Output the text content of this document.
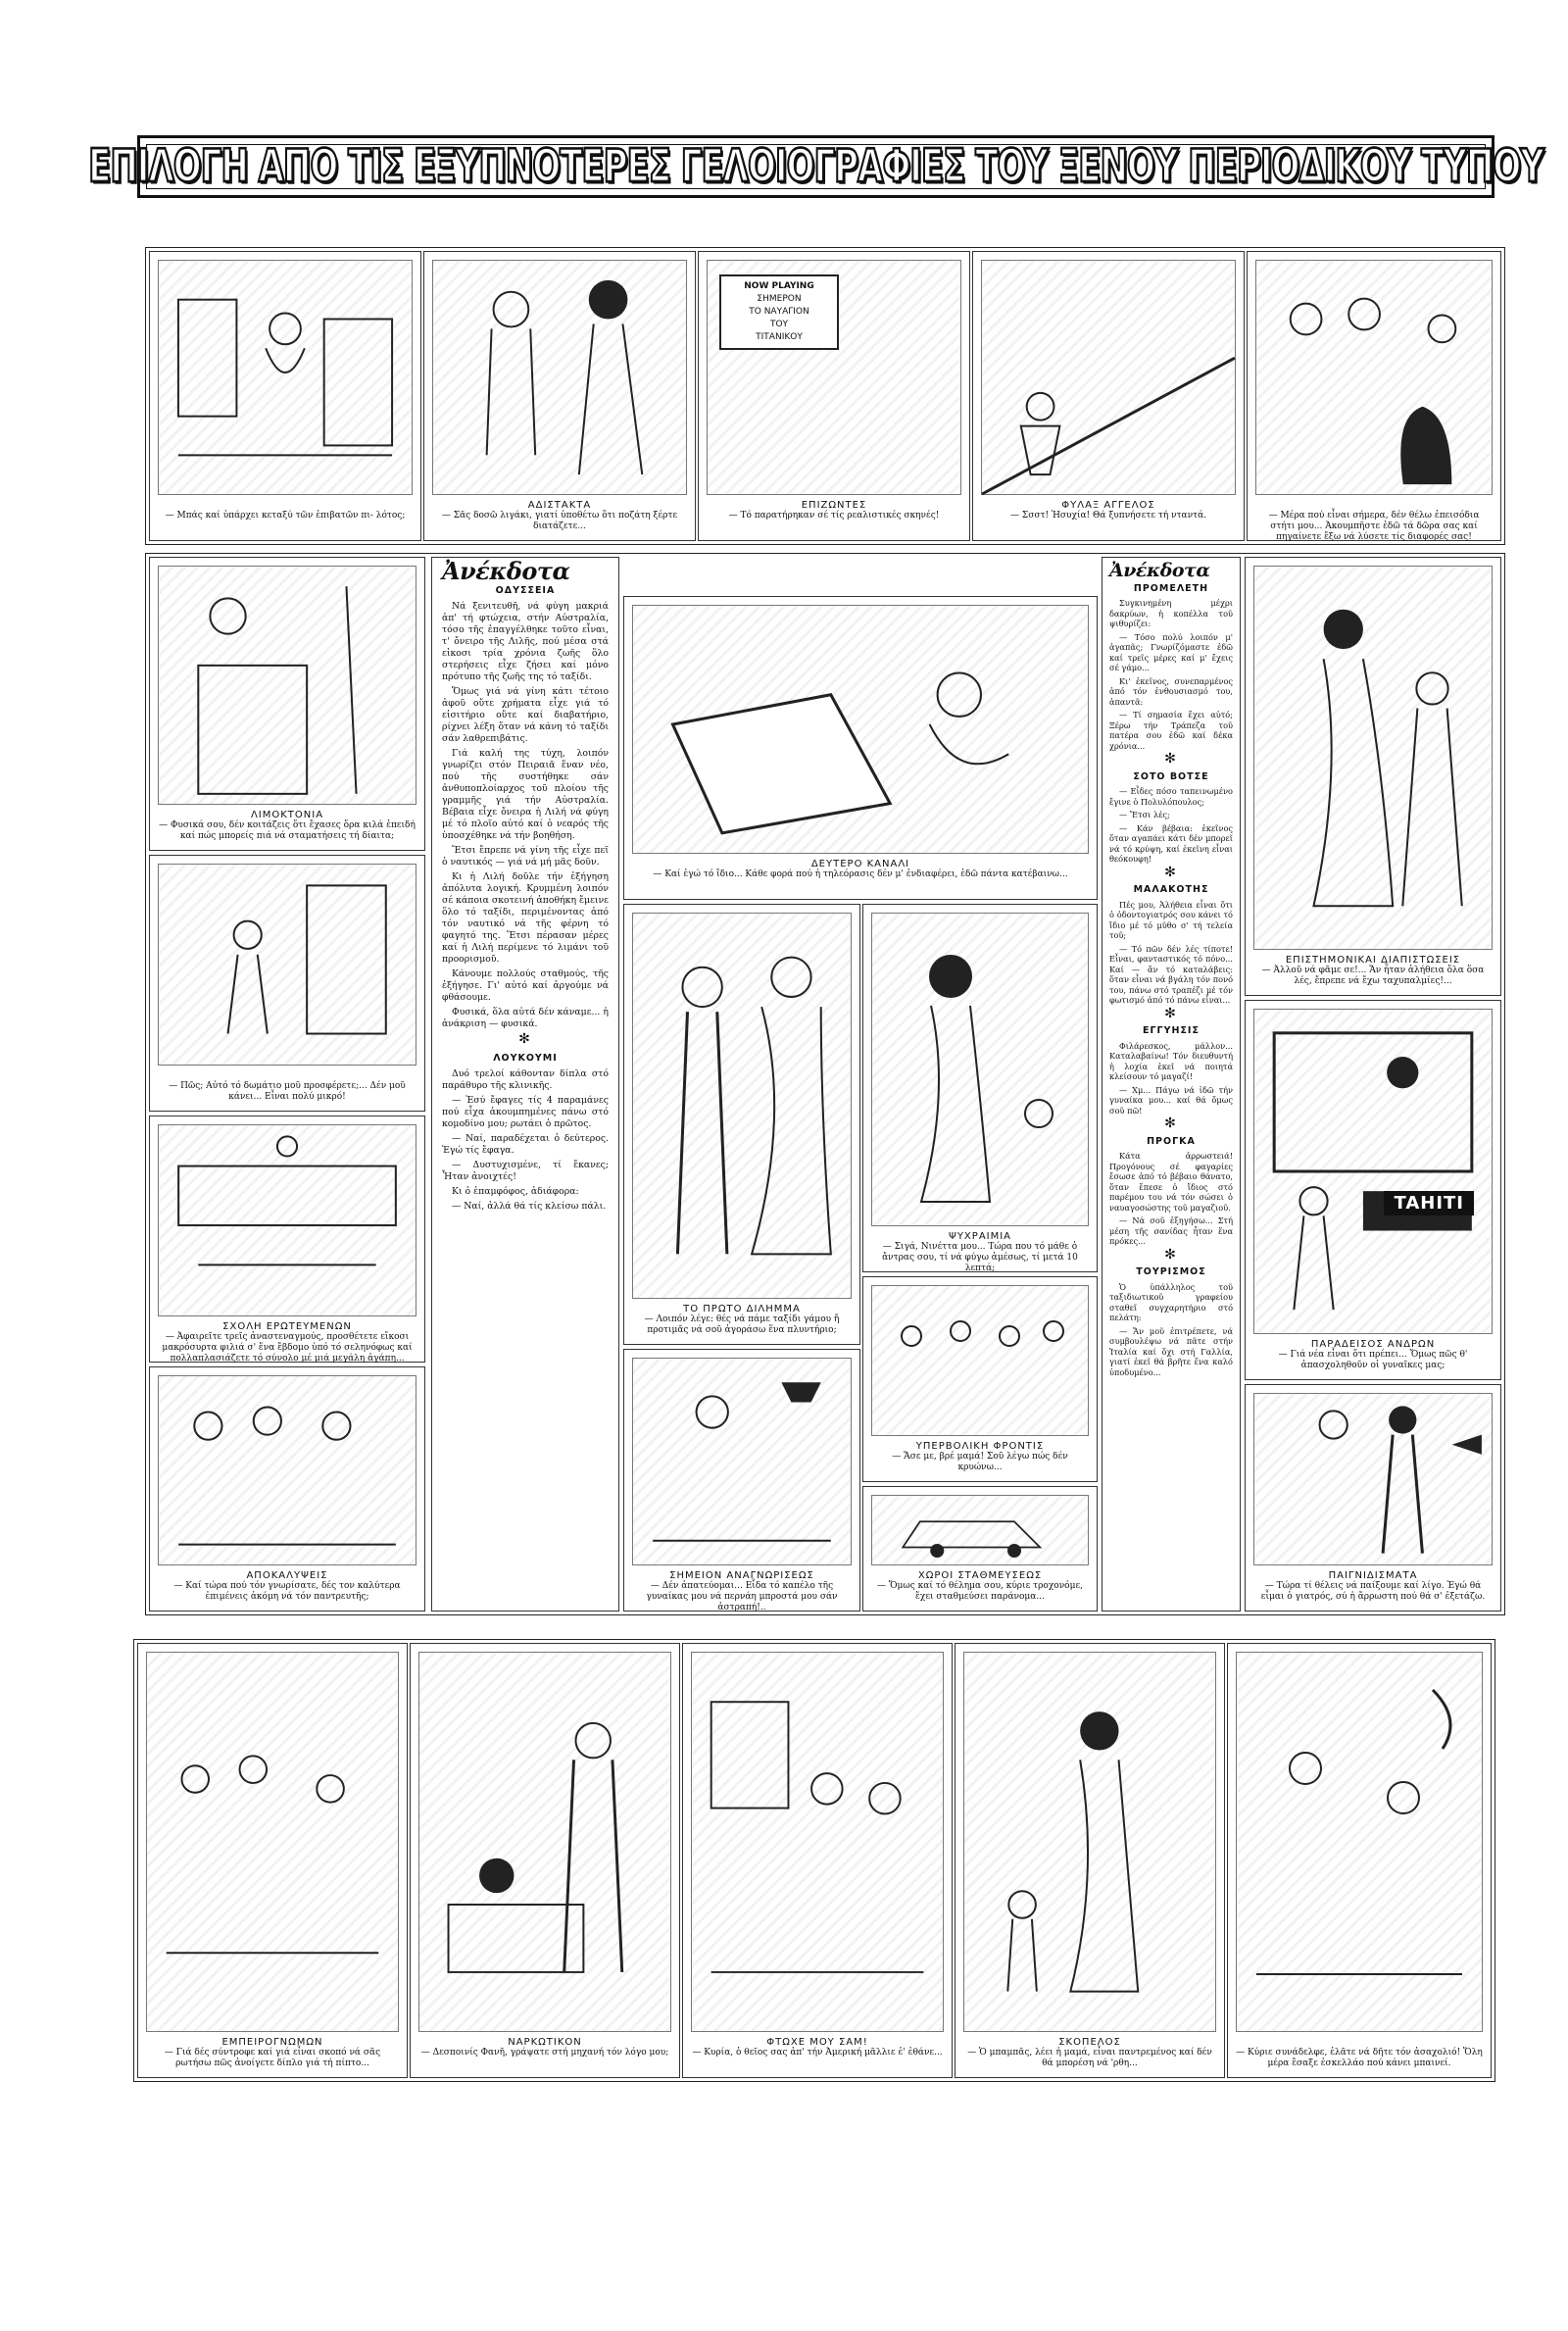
ΕΠΙΛΟΓΗ ΑΠΟ ΤΙΣ ΕΞΥΠΝΟΤΕΡΕΣ ΓΕΛΟΙΟΓΡΑΦΙΕΣ ΤΟΥ ΞΕΝΟΥ ΠΕΡΙΟΔΙΚΟΥ ΤΥΠΟΥ
— Μπάς καί ὑπάρχει κεταξύ τῶν ἐπιβατῶν πι- λότος;
ΑΔΙΣΤΑΚΤΑ
— Σᾶς δοσῶ λιγάκι, γιατί ὑποθέτω ὅτι ποζάτη ξέρτε διατάζετε...
NOW PLAYING
ΣΗΜΕΡΟΝ
ΤΟ ΝΑΥΑΓΙΟΝ
ΤΟΥ
ΤΙΤΑΝΙΚΟΥ
ΕΠΙΖΩΝΤΕΣ
— Τό παρατήρηκαν σέ τίς ρεαλιστικές σκηνές!
ΦΥΛΑΞ ΑΓΓΕΛΟΣ
— Σσστ! Ἡσυχία! Θά ξυπνήσετε τή νταντά.	— Μέρα πού εἶναι σήμερα, δέν θέλω ἐπεισόδια στήτι μου... Ἀκουμπῆστε ἐδῶ τά δῶρα σας καί πηγαίνετε ἔξω νά λύσετε τίς διαφορές σας!
ΛΙΜΟΚΤΟΝΙΑ
— Φυσικά σου, δέν κοιτάζεις ὅτι ἔχασες ὅρα κιλά ἐπειδή καί πώς μπορείς πιά νά σταματήσεις τή δίαιτα;
— Πῶς; Αὐτό τό δωμάτιο μοῦ προσφέρετε;... Δέν μοῦ κάνει... Εἶναι πολύ μικρό!
ΣΧΟΛΗ ΕΡΩΤΕΥΜΕΝΩΝ
— Ἀφαιρεῖτε τρεῖς ἀναστεναγμούς, προσθέτετε εἴκοσι μακρόσυρτα φιλιά σ' ἕνα ἔβδομο ὑπό τό σεληνόφως καί πολλαπλασιάζετε τό σύνολο μέ μιά μεγάλη ἀγάπη...
ΑΠΟΚΑΛΥΨΕΙΣ
— Καί τώρα πού τόν γνωρίσατε, δές τον καλύτερα ἐπιμένεις ἀκόμη νά τόν παντρευτῆς;
Ἀνέκδοτα
ΟΔΥΣΣΕΙΑ

Νά ξενιτευθῆ, νά φύγη μακριά ἀπ' τή φτώχεια, στήν Αὐστραλία, τόσο τῆς ἐπαγγέλθηκε τοῦτο εἶναι, τ' ὄνειρο τῆς Λιλῆς, πού μέσα στά εἰκοσι τρία χρόνια ζωῆς ὅλο στερήσεις εἶχε ζήσει καί μόνο πρότυπο τῆς ζωῆς της τό ταξίδι.

Ὅμως γιά νά γίνη κάτι τέτοιο ἀφοῦ οὔτε χρήματα εἶχε γιά τό εἰσιτήριο οὔτε καί διαβατήριο, ρίχνει λέξη ὅταν νά κάνη τό ταξίδι σάν λαθρεπιβάτις.

Γιά καλή της τύχη, λοιπόν γνωρίζει στόν Πειραιᾶ ἕναν νέο, πού τῆς συστήθηκε σάν ἀνθυποπλοίαρχος τοῦ πλοίου τῆς γραμμῆς γιά τήν Αὐστραλία. Βέβαια εἶχε ὄνειρα ἡ Λιλή νά φύγη μέ τό πλοῖο αὐτό καί ὁ νεαρός τῆς ὑποσχέθηκε νά τήν βοηθήση.

Ἔτσι ἔπρεπε νά γίνη τῆς εἶχε πεῖ ὁ ναυτικός — γιά νά μή μᾶς δοῦν.

Κι ἡ Λιλή δοῦλε τήν ἐξήγηση ἀπόλυτα λογική. Κρυμμένη λοιπόν σέ κάποια σκοτεινή ἀποθήκη ἔμεινε ὅλο τό ταξίδι, περιμένοντας ἀπό τόν ναυτικό νά τῆς φέρνη τό φαγητό της. Ἔτσι πέρασαν μέρες καί ἡ Λιλή περίμενε τό λιμάνι τοῦ προορισμοῦ.

Κάνουμε πολλούς σταθμούς, τῆς ἐξήγησε. Γι' αὐτό καί ἀργούμε νά φθάσουμε.

Φυσικά, ὅλα αὐτά δέν κάναμε... ἡ ἀνάκριση — φυσικά.

✻
ΛΟΥΚΟΥΜΙ

Δυό τρελοί κάθονταν δίπλα στό παράθυρο τῆς κλινικῆς.

— Ἐσύ ἔφαγες τίς 4 παραμάνες πού εἶχα ἀκουμπημένες πάνω στό κομοδίνο μου; ρωτάει ὁ πρῶτος.

— Ναί, παραδέχεται ὁ δεύτερος. Ἐγώ τίς ἔφαγα.

— Δυστυχισμένε, τί ἔκανες; Ἦταν ἀνοιχτές!

Κι ὁ ἐπαμφόφος, ἀδιάφορα:

— Ναί, ἀλλά θά τίς κλείσω πάλι.

ΔΕΥΤΕΡΟ ΚΑΝΑΛΙ
— Καί ἐγώ τό ἴδιο... Κάθε φορά πού ἡ τηλεόρασις δέν μ' ἐνδιαφέρει, ἐδῶ πάντα κατέβαινω...
ΤΟ ΠΡΩΤΟ ΔΙΛΗΜΜΑ
— Λοιπόν λέγε: θές νά πάμε ταξίδι γάμου ἤ προτιμᾶς νά σοῦ ἀγοράσω ἕνα πλυντήριο;
ΨΥΧΡΑΙΜΙΑ
— Σιγά, Νινέττα μου... Τώρα που τό μάθε ὁ ἄντρας σου, τί νά φύγω ἀμέσως, τί μετά 10 λεπτά;
ΥΠΕΡΒΟΛΙΚΗ ΦΡΟΝΤΙΣ
— Ἄσε με, βρέ μαμά! Σοῦ λέγω πώς δέν κρυώνω...
ΣΗΜΕΙΟΝ ΑΝΑΓΝΩΡΙΣΕΩΣ
— Δέν ἀπατεύομαι... Εἶδα τό καπέλο τῆς γυναίκας μου νά περνάη μπροστά μου σάν ἀστραπή!..
ΧΩΡΟΙ ΣΤΑΘΜΕΥΣΕΩΣ
— Ὅμως καί τό θέλημα σου, κύριε τροχονόμε, ἔχει σταθμεύσει παράνομα...
Ἀνέκδοτα
ΠΡΟΜΕΛΕΤΗ

Συγκινημένη μέχρι δακρύων, ἡ κοπέλλα τοῦ ψιθυρίζει:

— Τόσο πολύ λοιπόν μ' ἀγαπᾶς; Γνωρίζόμαστε ἐδῶ καί τρεῖς μέρες καί μ' ἔχεις σέ γάμο...

Κι' ἐκεῖνος, συνεπαρμένος ἀπό τόν ἐνθουσιασμό του, ἀπαντᾶ:

— Τί σημασία ἔχει αὐτό; Ξέρω τήν Τράπεζα τοῦ πατέρα σου ἐδῶ καί δέκα χρόνια...

✻
ΣΟΤΟ ΒΟΤΣΕ

— Εἶδες πόσο ταπεινωμένο ἔγινε ὁ Πολυλόπουλος;

— Ἔτσι λές;

— Κάν βέβαια: ἐκεῖνος ὅταν αγαπάει κάτι δέν μπορεῖ νά τό κρύψη, καί ἐκεῖνη εἶναι θεόκουφη!

✻
ΜΑΛΑΚΟΤΗΣ

Πές μου, Ἀλήθεια εἶναι ὅτι ὁ ὀδοντογιατρός σου κάνει τό ἴδιο μέ τό μῦθο σ' τή τελεία τοῦ;

— Τό πῶν δέν λές τίποτε! Εἶναι, φανταστικός τό πόνο... Καί — ἄν τό καταλάβεις: ὅταν εἶναι νά βγάλη τόν πονό του, πάνω στό τραπέζι μέ τόν φωτισμό ἀπό τό πάνω εἶναι...

✻
ΕΓΓΥΗΣΙΣ

Φιλάρεσκος, μάλλον... Καταλαβαίνω! Τόν διευθυντή ἡ λοχία ἐκεῖ νά ποιητά κλείσουν τό μαγαζί!

— Χμ... Πάγω νά ἰδῶ τήν γυναίκα μου... καί θά ὅμως σοῦ πῶ!

✻
ΠΡΟΓΚΑ

Κάτα ἀρρωστειά! Προγόνους σέ φαγαρίες ἔσωσε ἀπό τό βέβαιο θάνατο, ὅταν ἔπεσε ὁ ἴδιος στό παρέμου του νά τόν σώσει ὁ ναυαγοσώστης τοῦ μαγαζιοῦ.

— Νά σοῦ ἐξηγήσω... Στή μέση τῆς σανίδας ἦταν ἕνα πρόκες...

✻
ΤΟΥΡΙΣΜΟΣ

Ὁ ὑπάλληλος τοῦ ταξιδιωτικοῦ γραφείου σταθεῖ συγχαρητήριο στό πελάτη:

— Ἄν μοῦ ἐπιτρέπετε, νά συμβουλέψω νά πᾶτε στήν Ἰταλία καί ὅχι στή Γαλλία, γιατί ἐκεῖ θά βρῆτε ἕνα καλό ὑποδυμένο...

ΕΠΙΣΤΗΜΟΝΙΚΑΙ ΔΙΑΠΙΣΤΩΣΕΙΣ
— Ἀλλοῦ νά φᾶμε σε!... Ἄν ἦταν ἀλήθεια ὅλα ὅσα λές, ἔπρεπε νά ἔχω ταχυπαλμίες!...
TAHITI
ΠΑΡΑΔΕΙΣΟΣ ΑΝΔΡΩΝ
— Γιά νέα εἶναι ὅτι πρέπει... Ὅμως πῶς θ' ἀπασχοληθοῦν οἱ γυναῖκες μας;
ΠΑΙΓΝΙΔΙΣΜΑΤΑ
— Τώρα τί θέλεις νά παίξουμε καί λίγο. Ἐγώ θά εἶμαι ὁ γιατρός, σύ ἡ ἄρρωστη πού θά σ' ἐξετάζω.
ΕΜΠΕΙΡΟΓΝΩΜΩΝ
— Γιά δές σύντροφε καί γιά εἶναι σκοπό νά σᾶς ρωτήσω πῶς ἀνοίγετε δίπλο γιά τή πίπτο...
ΝΑΡΚΩΤΙΚΟΝ
— Δεσποινίς Φανῆ, γράψατε στή μηχανή τόν λόγο μου;
ΦΤΩΧΕ ΜΟΥ ΣΑΜ!
— Κυρία, ὁ θεῖος σας ἀπ' τήν Ἀμερική μᾶλλιε ἐ' ἐθάνε...
ΣΚΟΠΕΛΟΣ
— Ὁ μπαμπᾶς, λέει ἡ μαμά, εἶναι παντρεμένος καί δέν θά μπορέση νά 'ρθη...
— Κύριε συνάδελφε, ἐλᾶτε νά δῆτε τόν ἀσαχολιό! Ὅλη μέρα ἔσαξε ἐσκελλάο πού κάνει μπαινεί.
